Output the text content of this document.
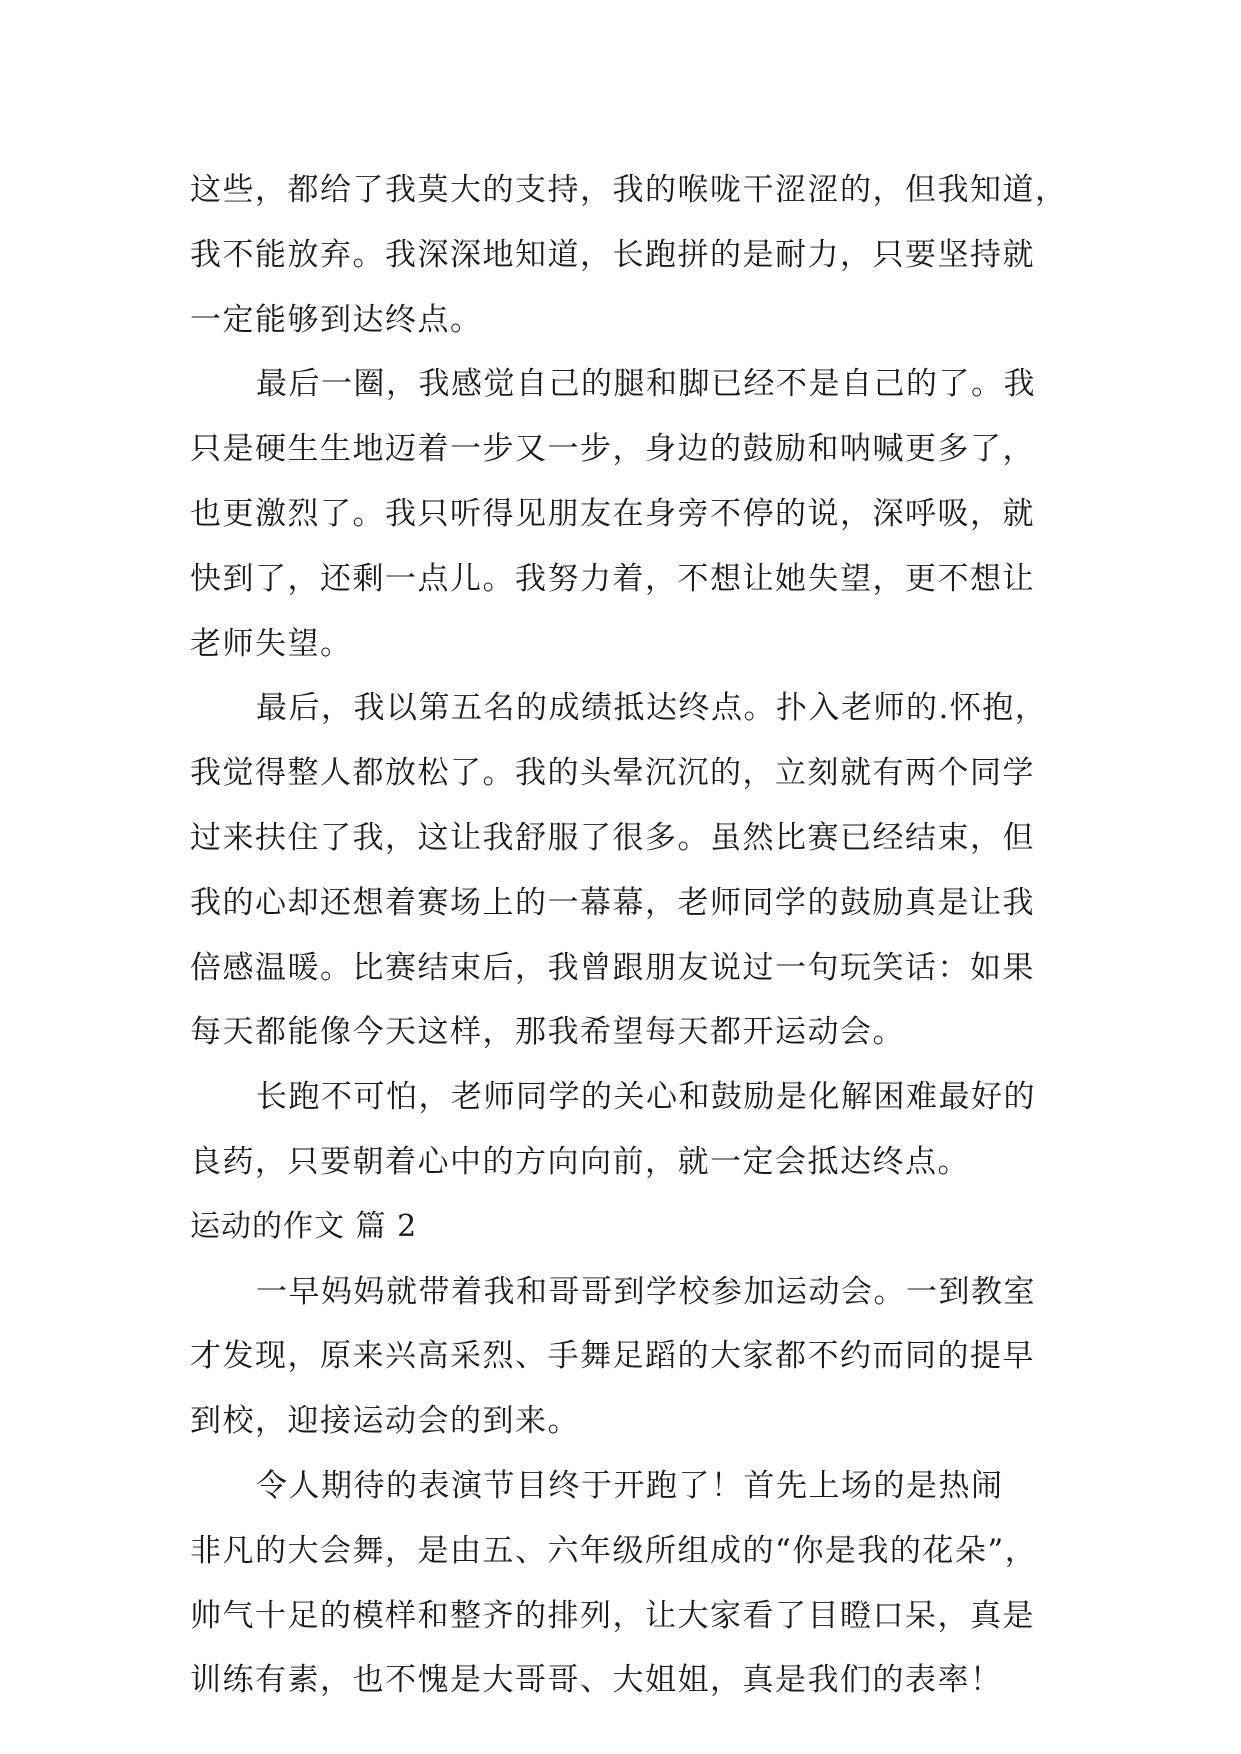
这些，都给了我莫大的支持，我的喉咙干涩涩的，但我知道，
我不能放弃。我深深地知道，长跑拼的是耐力，只要坚持就
一定能够到达终点。
最后一圈，我感觉自己的腿和脚已经不是自己的了。我
只是硬生生地迈着一步又一步，身边的鼓励和呐喊更多了，
也更激烈了。我只听得见朋友在身旁不停的说，深呼吸，就
快到了，还剩一点儿。我努力着，不想让她失望，更不想让
老师失望。
最后，我以第五名的成绩抵达终点。扑入老师的.怀抱，
我觉得整人都放松了。我的头晕沉沉的，立刻就有两个同学
过来扶住了我，这让我舒服了很多。虽然比赛已经结束，但
我的心却还想着赛场上的一幕幕，老师同学的鼓励真是让我
倍感温暖。比赛结束后，我曾跟朋友说过一句玩笑话：如果
每天都能像今天这样，那我希望每天都开运动会。
长跑不可怕，老师同学的关心和鼓励是化解困难最好的
良药，只要朝着心中的方向向前，就一定会抵达终点。
运动的作文 篇 2
一早妈妈就带着我和哥哥到学校参加运动会。一到教室
才发现，原来兴高采烈、手舞足蹈的大家都不约而同的提早
到校，迎接运动会的到来。
令人期待的表演节目终于开跑了！首先上场的是热闹
非凡的大会舞，是由五、六年级所组成的“你是我的花朵”，
帅气十足的模样和整齐的排列，让大家看了目瞪口呆，真是
训练有素，也不愧是大哥哥、大姐姐，真是我们的表率！
